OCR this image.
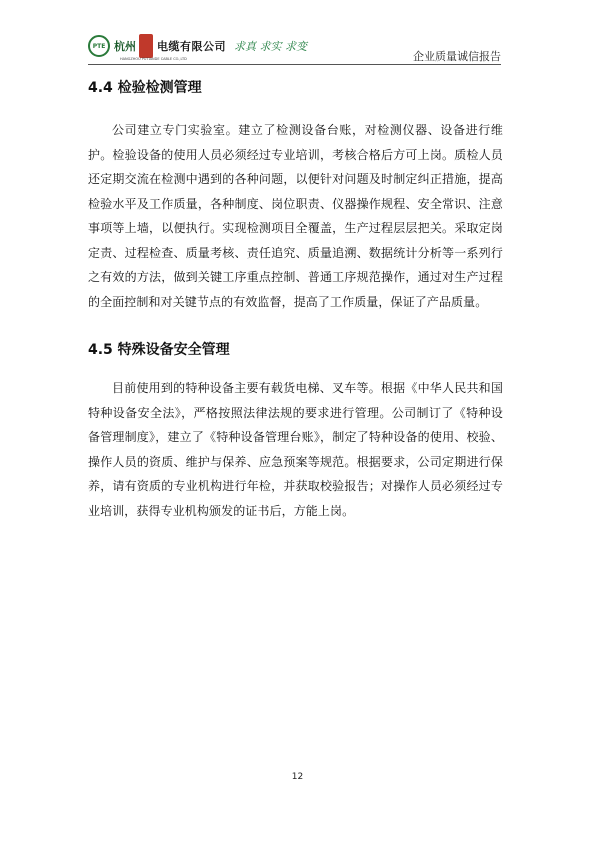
PTE 杭州 电缆有限公司
HANGZHOU PUTIANDE CABLE CO.,LTD
求真 求实 求变
企业质量诚信报告
4.4 检验检测管理

公司建立专门实验室。建立了检测设备台账，对检测仪器、设备进行维护。检验设备的使用人员必须经过专业培训，考核合格后方可上岗。质检人员还定期交流在检测中遇到的各种问题，以便针对问题及时制定纠正措施，提高检验水平及工作质量，各种制度、岗位职责、仪器操作规程、安全常识、注意事项等上墙，以便执行。实现检测项目全覆盖，生产过程层层把关。采取定岗定责、过程检查、质量考核、责任追究、质量追溯、数据统计分析等一系列行之有效的方法，做到关键工序重点控制、普通工序规范操作，通过对生产过程的全面控制和对关键节点的有效监督，提高了工作质量，保证了产品质量。

4.5 特殊设备安全管理

目前使用到的特种设备主要有载货电梯、叉车等。根据《中华人民共和国特种设备安全法》，严格按照法律法规的要求进行管理。公司制订了《特种设备管理制度》，建立了《特种设备管理台账》，制定了特种设备的使用、校验、操作人员的资质、维护与保养、应急预案等规范。根据要求，公司定期进行保养，请有资质的专业机构进行年检，并获取校验报告；对操作人员必须经过专业培训，获得专业机构颁发的证书后，方能上岗。

12
